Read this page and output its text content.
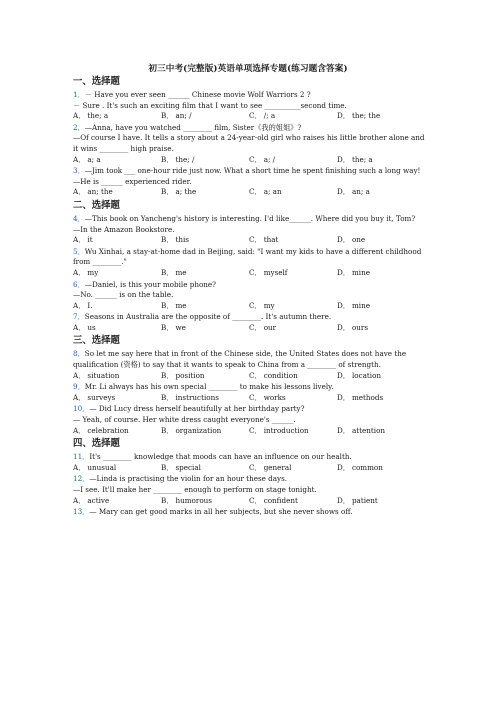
初三中考(完整版)英语单项选择专题(练习题含答案)
一、选择题
1．－ Have you ever seen ______ Chinese movie Wolf Warriors 2 ?
－ Sure . It's such an exciting film that I want to see __________second time.
A． the; a	B． an; /	C． /; a	D． the; the
2．—Anna, have you watched ________ film, Sister《我的姐姐》?
—Of course I have. It tells a story about a 24-year-old girl who raises his little brother alone and it wins ________ high praise.
A． a; a	B． the; /	C． a; /	D． the; a
3．—Jim took ___ one-hour ride just now. What a short time he spent finishing such a long way!
—He is ______ experienced rider.
A． an; the	B． a; the	C． a; an	D． an; a
二、选择题
4．—This book on Yancheng's history is interesting. I'd like______. Where did you buy it, Tom?
—In the Amazon Bookstore.
A． it	B． this	C． that	D． one
5．Wu Xinhai, a stay-at-home dad in Beijing, said: "I want my kids to have a different childhood from ________."
A． my	B． me	C． myself	D． mine
6．—Daniel, is this your mobile phone?
—No. ______ is on the table.
A． I.	B． me	C． my	D． mine
7．Seasons in Australia are the opposite of ________. It's autumn there.
A． us	B． we	C． our	D． ours
三、选择题
8．So let me say here that in front of the Chinese side, the United States does not have the qualification (资格) to say that it wants to speak to China from a ________ of strength.
A． situation	B． position	C． condition	D． location
9．Mr. Li always has his own special ________ to make his lessons lively.
A． surveys	B． instructions	C． works	D． methods
10．— Did Lucy dress herself beautifully at her birthday party?
— Yeah, of course. Her white dress caught everyone's ______.
A． celebration	B． organization	C． introduction	D． attention
四、选择题
11．It's ________ knowledge that moods can have an influence on our health.
A． unusual	B． special	C． general	D． common
12．—Linda is practising the violin for an hour these days.
—I see. It'll make her ________ enough to perform on stage tonight.
A． active	B． humorous	C． confident	D． patient
13．— Mary can get good marks in all her subjects, but she never shows off.
